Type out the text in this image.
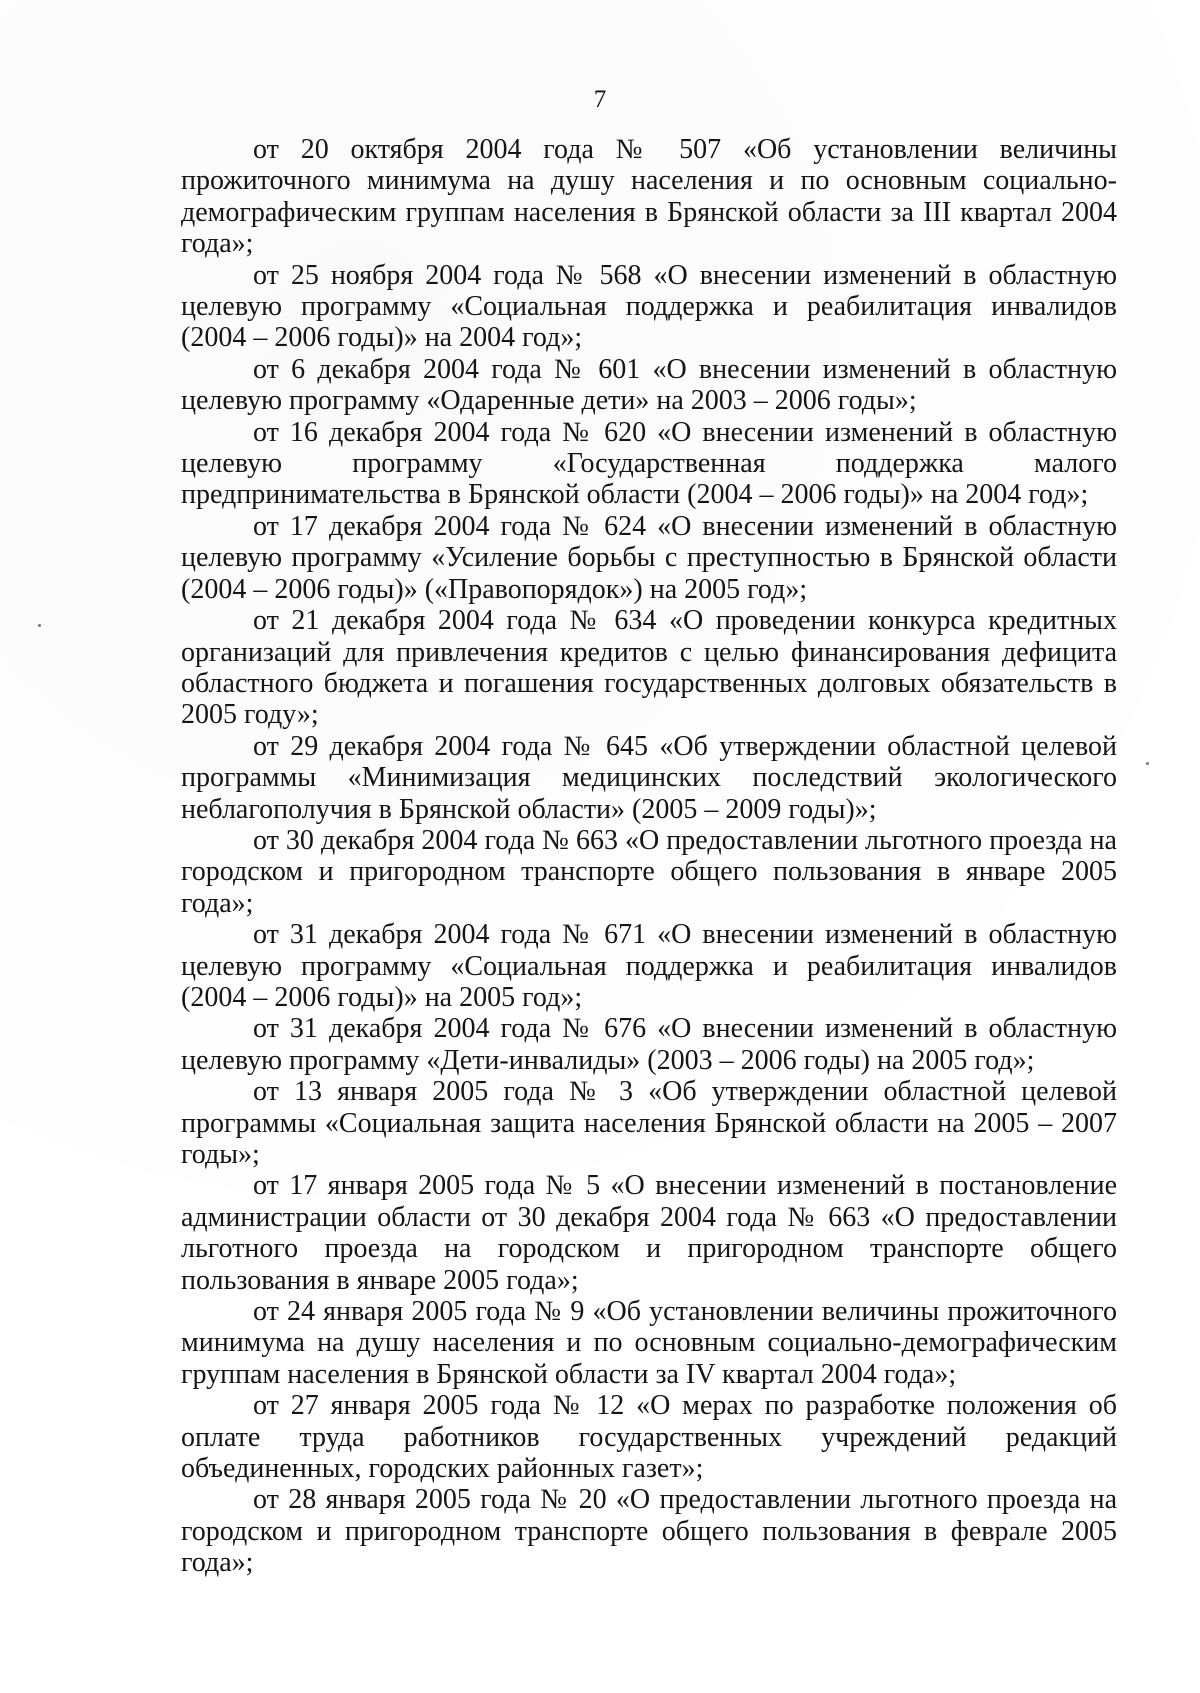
7

от 20 октября 2004 года № 507 «Об установлении величины прожиточного минимума на душу населения и по основным социально-демографическим группам населения в Брянской области за III квартал 2004 года»;

от 25 ноября 2004 года № 568 «О внесении изменений в областную целевую программу «Социальная поддержка и реабилитация инвалидов (2004 – 2006 годы)» на 2004 год»;

от 6 декабря 2004 года № 601 «О внесении изменений в областную целевую программу «Одаренные дети» на 2003 – 2006 годы»;

от 16 декабря 2004 года № 620 «О внесении изменений в областную целевую программу «Государственная поддержка малого предпринимательства в Брянской области (2004 – 2006 годы)» на 2004 год»;

от 17 декабря 2004 года № 624 «О внесении изменений в областную целевую программу «Усиление борьбы с преступностью в Брянской области (2004 – 2006 годы)» («Правопорядок») на 2005 год»;

от 21 декабря 2004 года № 634 «О проведении конкурса кредитных организаций для привлечения кредитов с целью финансирования дефицита областного бюджета и погашения государственных долговых обязательств в 2005 году»;

от 29 декабря 2004 года № 645 «Об утверждении областной целевой программы «Минимизация медицинских последствий экологического неблагополучия в Брянской области» (2005 – 2009 годы)»;

от 30 декабря 2004 года № 663 «О предоставлении льготного проезда на городском и пригородном транспорте общего пользования в январе 2005 года»;

от 31 декабря 2004 года № 671 «О внесении изменений в областную целевую программу «Социальная поддержка и реабилитация инвалидов (2004 – 2006 годы)» на 2005 год»;

от 31 декабря 2004 года № 676 «О внесении изменений в областную целевую программу «Дети-инвалиды» (2003 – 2006 годы) на 2005 год»;

от 13 января 2005 года № 3 «Об утверждении областной целевой программы «Социальная защита населения Брянской области на 2005 – 2007 годы»;

от 17 января 2005 года № 5 «О внесении изменений в постановление администрации области от 30 декабря 2004 года № 663 «О предоставлении льготного проезда на городском и пригородном транспорте общего пользования в январе 2005 года»;

от 24 января 2005 года № 9 «Об установлении величины прожиточного минимума на душу населения и по основным социально-демографическим группам населения в Брянской области за IV квартал 2004 года»;

от 27 января 2005 года № 12 «О мерах по разработке положения об оплате труда работников государственных учреждений редакций объединенных, городских районных газет»;

от 28 января 2005 года № 20 «О предоставлении льготного проезда на городском и пригородном транспорте общего пользования в феврале 2005 года»;
